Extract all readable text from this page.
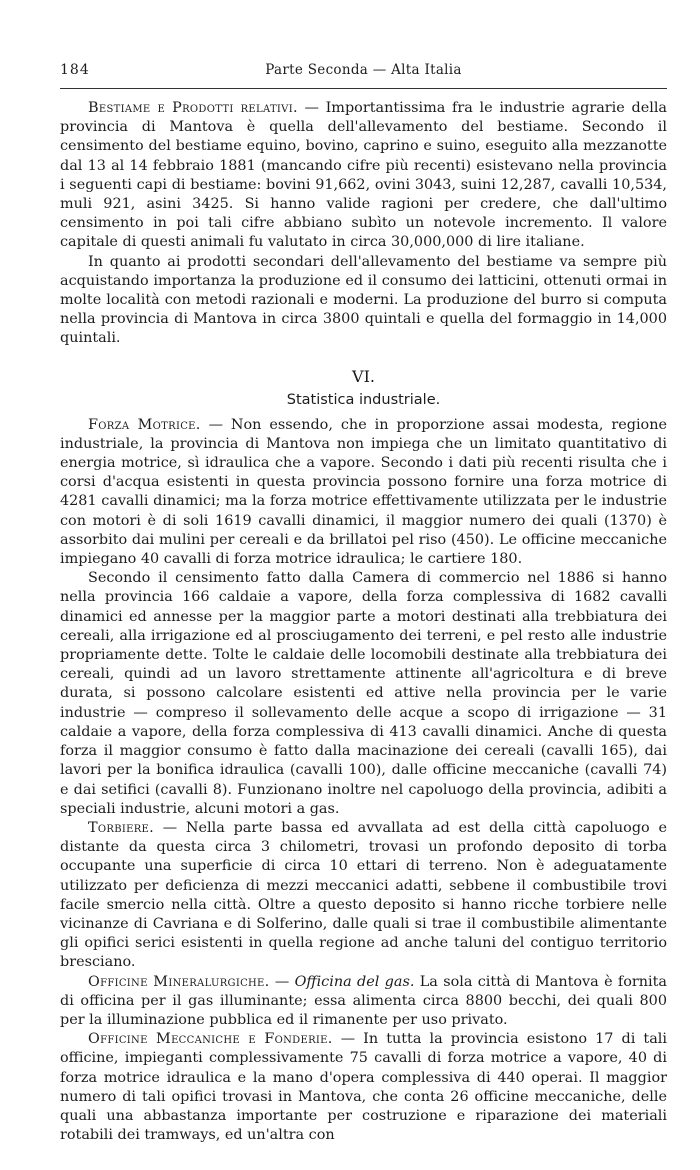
184	Parte Seconda — Alta Italia

Bestiame e Prodotti relativi. — Importantissima fra le industrie agrarie della provincia di Mantova è quella dell'allevamento del bestiame. Secondo il censimento del bestiame equino, bovino, caprino e suino, eseguito alla mezzanotte dal 13 al 14 febbraio 1881 (mancando cifre più recenti) esistevano nella provincia i seguenti capi di bestiame: bovini 91,662, ovini 3043, suini 12,287, cavalli 10,534, muli 921, asini 3425. Si hanno valide ragioni per credere, che dall'ultimo censimento in poi tali cifre abbiano subìto un notevole incremento. Il valore capitale di questi animali fu valutato in circa 30,000,000 di lire italiane.

In quanto ai prodotti secondari dell'allevamento del bestiame va sempre più acquistando importanza la produzione ed il consumo dei latticini, ottenuti ormai in molte località con metodi razionali e moderni. La produzione del burro si computa nella provincia di Mantova in circa 3800 quintali e quella del formaggio in 14,000 quintali.

VI.
Statistica industriale.

Forza Motrice. — Non essendo, che in proporzione assai modesta, regione industriale, la provincia di Mantova non impiega che un limitato quantitativo di energia motrice, sì idraulica che a vapore. Secondo i dati più recenti risulta che i corsi d'acqua esistenti in questa provincia possono fornire una forza motrice di 4281 cavalli dinamici; ma la forza motrice effettivamente utilizzata per le industrie con motori è di soli 1619 cavalli dinamici, il maggior numero dei quali (1370) è assorbito dai mulini per cereali e da brillatoi pel riso (450). Le officine meccaniche impiegano 40 cavalli di forza motrice idraulica; le cartiere 180.

Secondo il censimento fatto dalla Camera di commercio nel 1886 si hanno nella provincia 166 caldaie a vapore, della forza complessiva di 1682 cavalli dinamici ed annesse per la maggior parte a motori destinati alla trebbiatura dei cereali, alla irrigazione ed al prosciugamento dei terreni, e pel resto alle industrie propriamente dette. Tolte le caldaie delle locomobili destinate alla trebbiatura dei cereali, quindi ad un lavoro strettamente attinente all'agricoltura e di breve durata, si possono calcolare esistenti ed attive nella provincia per le varie industrie — compreso il sollevamento delle acque a scopo di irrigazione — 31 caldaie a vapore, della forza complessiva di 413 cavalli dinamici. Anche di questa forza il maggior consumo è fatto dalla macinazione dei cereali (cavalli 165), dai lavori per la bonifica idraulica (cavalli 100), dalle officine meccaniche (cavalli 74) e dai setifici (cavalli 8). Funzionano inoltre nel capoluogo della provincia, adibiti a speciali industrie, alcuni motori a gas.

Torbiere. — Nella parte bassa ed avvallata ad est della città capoluogo e distante da questa circa 3 chilometri, trovasi un profondo deposito di torba occupante una superficie di circa 10 ettari di terreno. Non è adeguatamente utilizzato per deficienza di mezzi meccanici adatti, sebbene il combustibile trovi facile smercio nella città. Oltre a questo deposito si hanno ricche torbiere nelle vicinanze di Cavriana e di Solferino, dalle quali si trae il combustibile alimentante gli opifici serici esistenti in quella regione ad anche taluni del contiguo territorio bresciano.

Officine Mineralurgiche. — Officina del gas. La sola città di Mantova è fornita di officina per il gas illuminante; essa alimenta circa 8800 becchi, dei quali 800 per la illuminazione pubblica ed il rimanente per uso privato.

Officine Meccaniche e Fonderie. — In tutta la provincia esistono 17 di tali officine, impieganti complessivamente 75 cavalli di forza motrice a vapore, 40 di forza motrice idraulica e la mano d'opera complessiva di 440 operai. Il maggior numero di tali opifici trovasi in Mantova, che conta 26 officine meccaniche, delle quali una abbastanza importante per costruzione e riparazione dei materiali rotabili dei tramways, ed un'altra con
